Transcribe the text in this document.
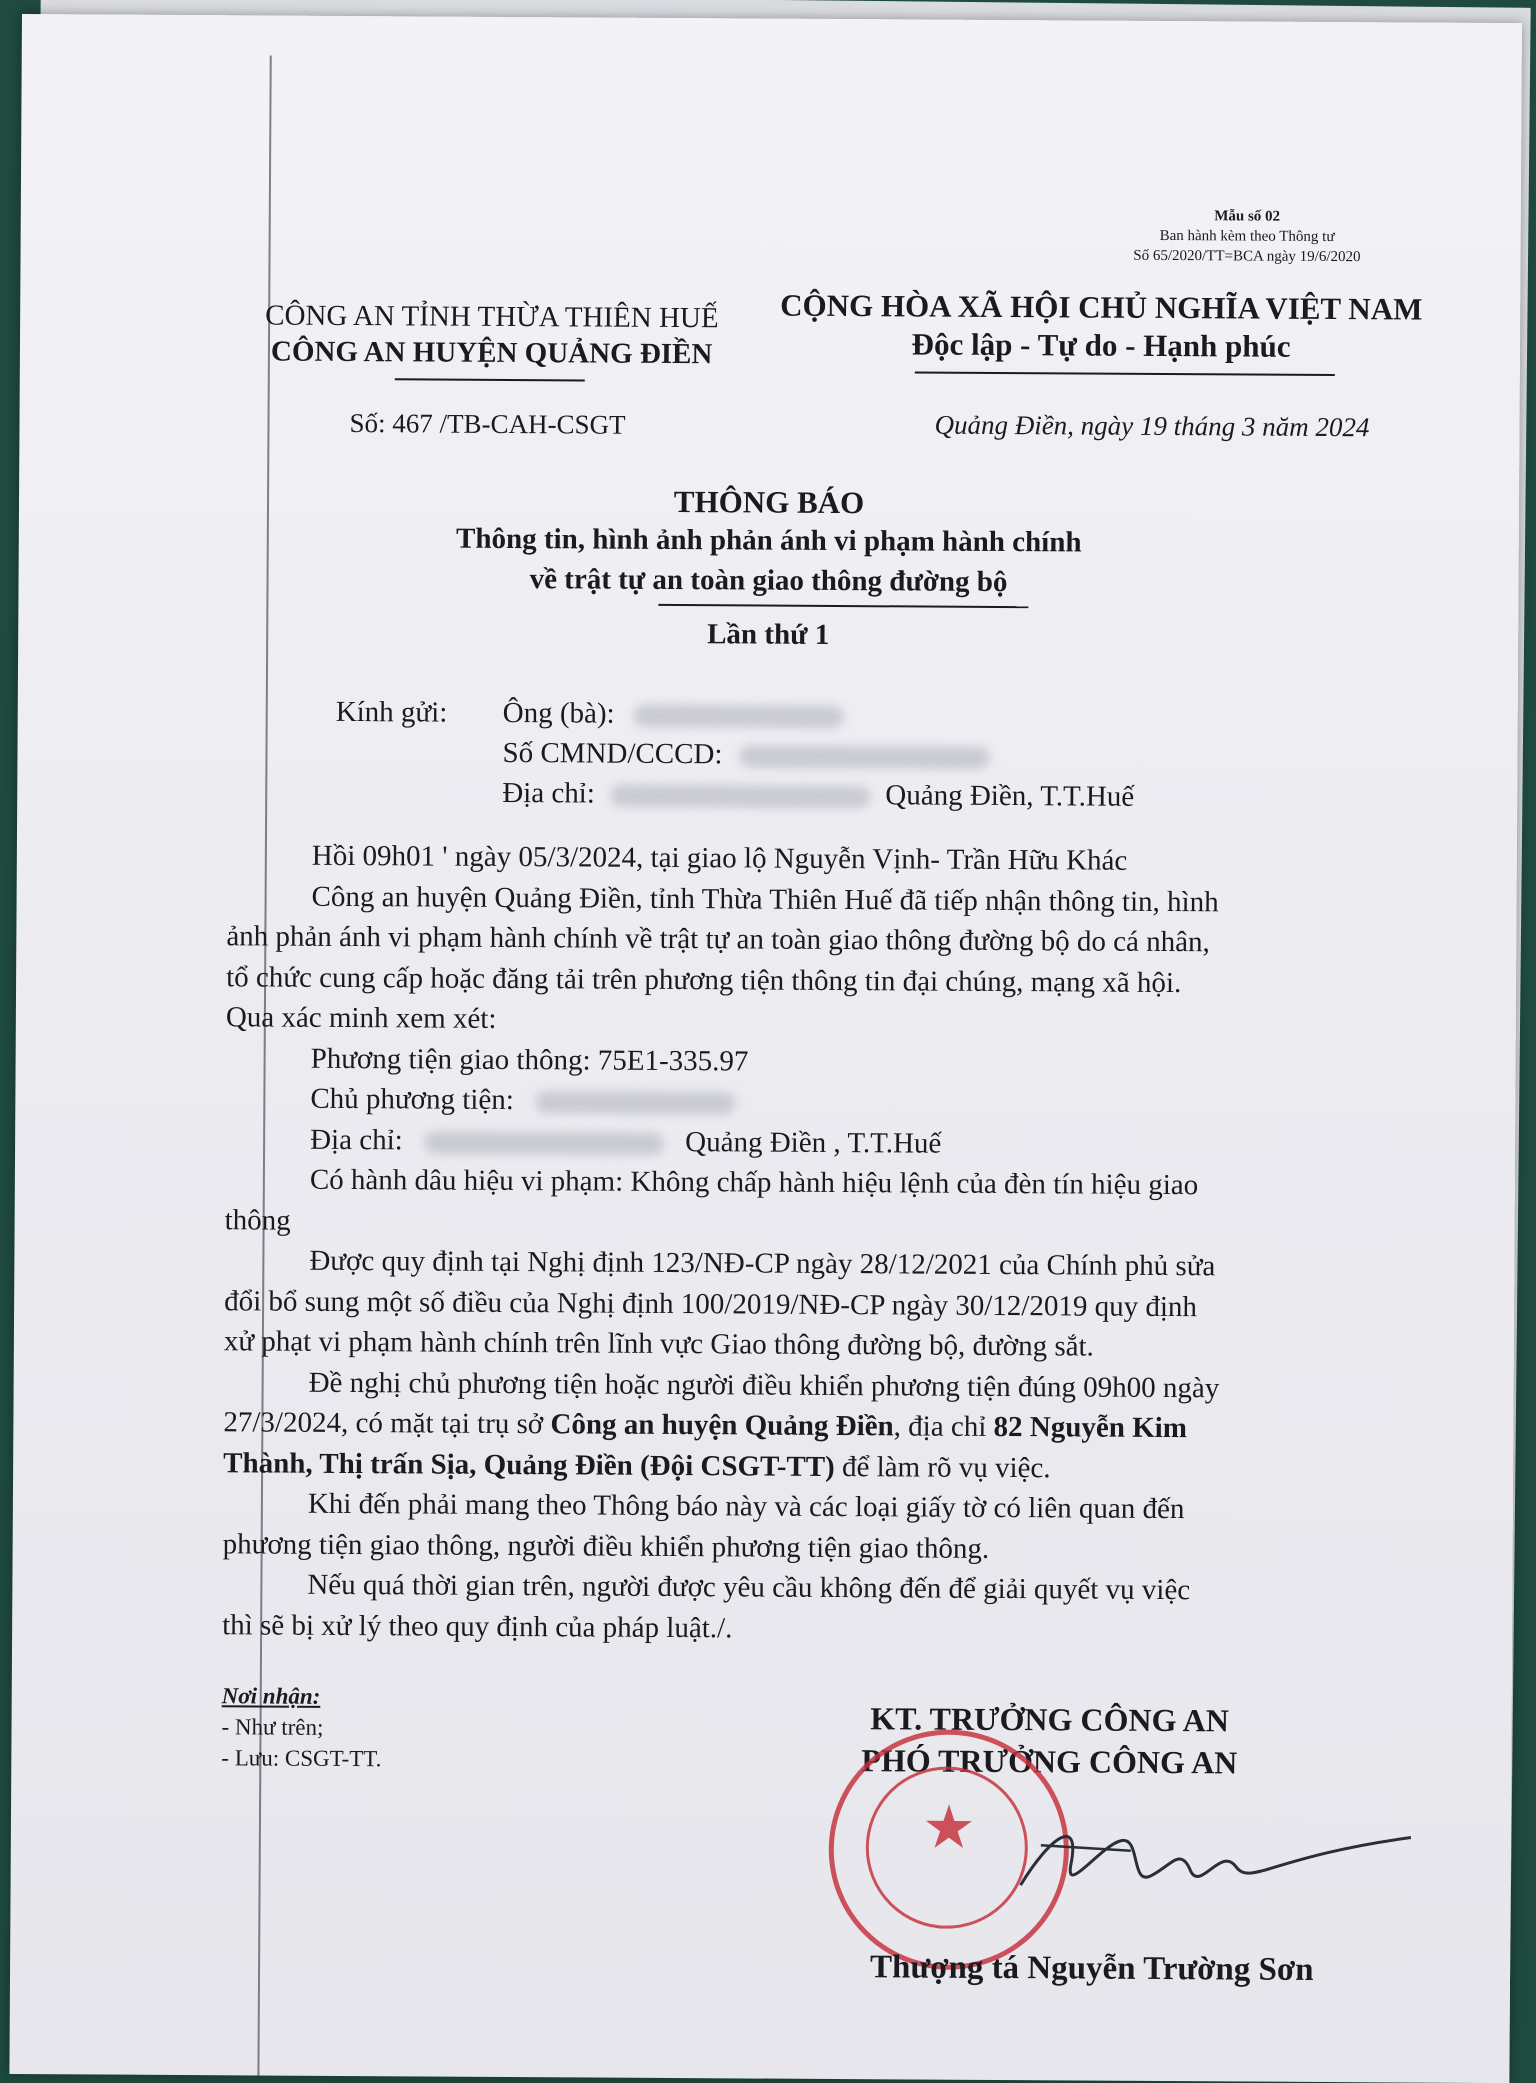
Mẫu số 02
Ban hành kèm theo Thông tư
Số 65/2020/TT=BCA ngày 19/6/2020
CÔNG AN TỈNH THỪA THIÊN HUẾ
CÔNG AN HUYỆN QUẢNG ĐIỀN
CỘNG HÒA XÃ HỘI CHỦ NGHĨA VIỆT NAM
Độc lập - Tự do - Hạnh phúc
Số: 467 /TB-CAH-CSGT	Quảng Điền, ngày 19 tháng 3 năm 2024
THÔNG BÁO
Thông tin, hình ảnh phản ánh vi phạm hành chính
về trật tự an toàn giao thông đường bộ
Lần thứ 1
Kính gửi: Ông (bà):
Số CMND/CCCD:
Địa chỉ:	Quảng Điền, T.T.Huế
Hồi 09h01 ' ngày 05/3/2024, tại giao lộ Nguyễn Vịnh- Trần Hữu Khác
Công an huyện Quảng Điền, tỉnh Thừa Thiên Huế đã tiếp nhận thông tin, hình
ảnh phản ánh vi phạm hành chính về trật tự an toàn giao thông đường bộ do cá nhân,
tổ chức cung cấp hoặc đăng tải trên phương tiện thông tin đại chúng, mạng xã hội.
Qua xác minh xem xét:
Phương tiện giao thông: 75E1-335.97
Chủ phương tiện:
Địa chỉ:	Quảng Điền , T.T.Huế
Có hành dâu hiệu vi phạm: Không chấp hành hiệu lệnh của đèn tín hiệu giao
thông
Được quy định tại Nghị định 123/NĐ-CP ngày 28/12/2021 của Chính phủ sửa
đổi bổ sung một số điều của Nghị định 100/2019/NĐ-CP ngày 30/12/2019 quy định
xử phạt vi phạm hành chính trên lĩnh vực Giao thông đường bộ, đường sắt.
Đề nghị chủ phương tiện hoặc người điều khiển phương tiện đúng 09h00 ngày
27/3/2024, có mặt tại trụ sở Công an huyện Quảng Điền, địa chỉ 82 Nguyễn Kim
Thành, Thị trấn Sịa, Quảng Điền (Đội CSGT-TT) để làm rõ vụ việc.
Khi đến phải mang theo Thông báo này và các loại giấy tờ có liên quan đến
phương tiện giao thông, người điều khiển phương tiện giao thông.
Nếu quá thời gian trên, người được yêu cầu không đến để giải quyết vụ việc
thì sẽ bị xử lý theo quy định của pháp luật./.
Nơi nhận:
- Như trên;
- Lưu: CSGT-TT.
KT. TRƯỞNG CÔNG AN
PHÓ TRƯỞNG CÔNG AN
★
Thượng tá Nguyễn Trường Sơn
